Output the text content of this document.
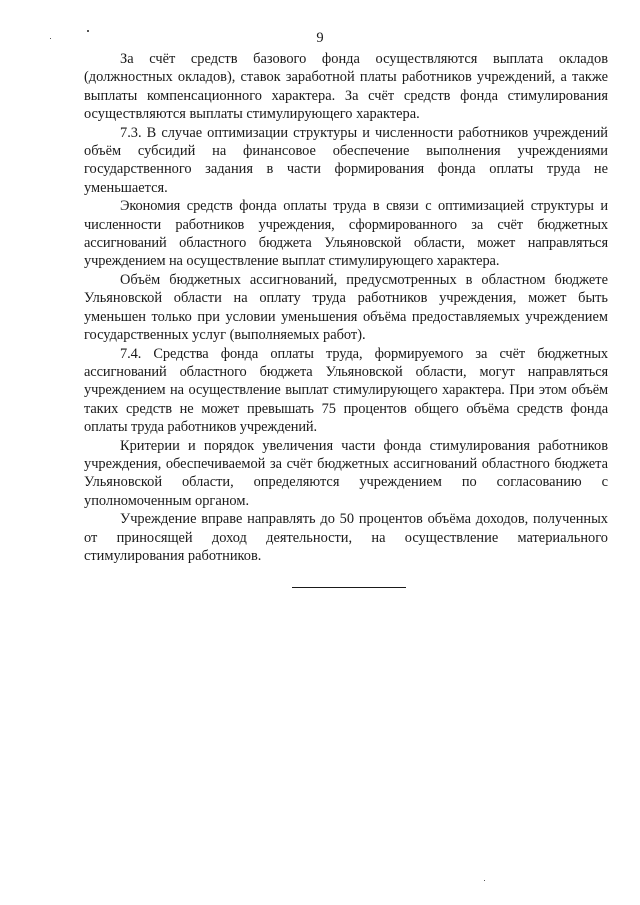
9

За счёт средств базового фонда осуществляются выплата окладов (должностных окладов), ставок заработной платы работников учреждений, а также выплаты компенсационного характера. За счёт средств фонда стимулирования осуществляются выплаты стимулирующего характера.

7.3. В случае оптимизации структуры и численности работников учреждений объём субсидий на финансовое обеспечение выполнения учреждениями государственного задания в части формирования фонда оплаты труда не уменьшается.

Экономия средств фонда оплаты труда в связи с оптимизацией структуры и численности работников учреждения, сформированного за счёт бюджетных ассигнований областного бюджета Ульяновской области, может направляться учреждением на осуществление выплат стимулирующего характера.

Объём бюджетных ассигнований, предусмотренных в областном бюджете Ульяновской области на оплату труда работников учреждения, может быть уменьшен только при условии уменьшения объёма предоставляемых учреждением государственных услуг (выполняемых работ).

7.4. Средства фонда оплаты труда, формируемого за счёт бюджетных ассигнований областного бюджета Ульяновской области, могут направляться учреждением на осуществление выплат стимулирующего характера. При этом объём таких средств не может превышать 75 процентов общего объёма средств фонда оплаты труда работников учреждений.

Критерии и порядок увеличения части фонда стимулирования работников учреждения, обеспечиваемой за счёт бюджетных ассигнований областного бюджета Ульяновской области, определяются учреждением по согласованию с уполномоченным органом.

Учреждение вправе направлять до 50 процентов объёма доходов, полученных от приносящей доход деятельности, на осуществление материального стимулирования работников.
